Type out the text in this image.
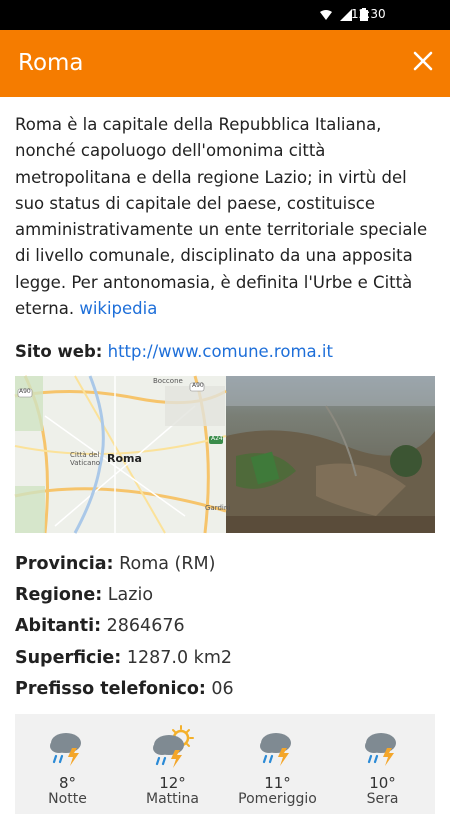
12:30
Roma

Roma è la capitale della Repubblica Italiana, nonché capoluogo dell'omonima città metropolitana e della regione Lazio; in virtù del suo status di capitale del paese, costituisce amministrativamente un ente territoriale speciale di livello comunale, disciplinato da una apposita legge. Per antonomasia, è definita l'Urbe e Città eterna. wikipedia

Sito web: http://www.comune.roma.it
Boccone
Città del Vaticano
Gardini
A90
A90
A24
Roma
Provincia: Roma (RM)
Regione: Lazio
Abitanti: 2864676
Superficie: 1287.0 km2
Prefisso telefonico: 06
8°
Notte
12°
Mattina
11°
Pomeriggio
10°
Sera
